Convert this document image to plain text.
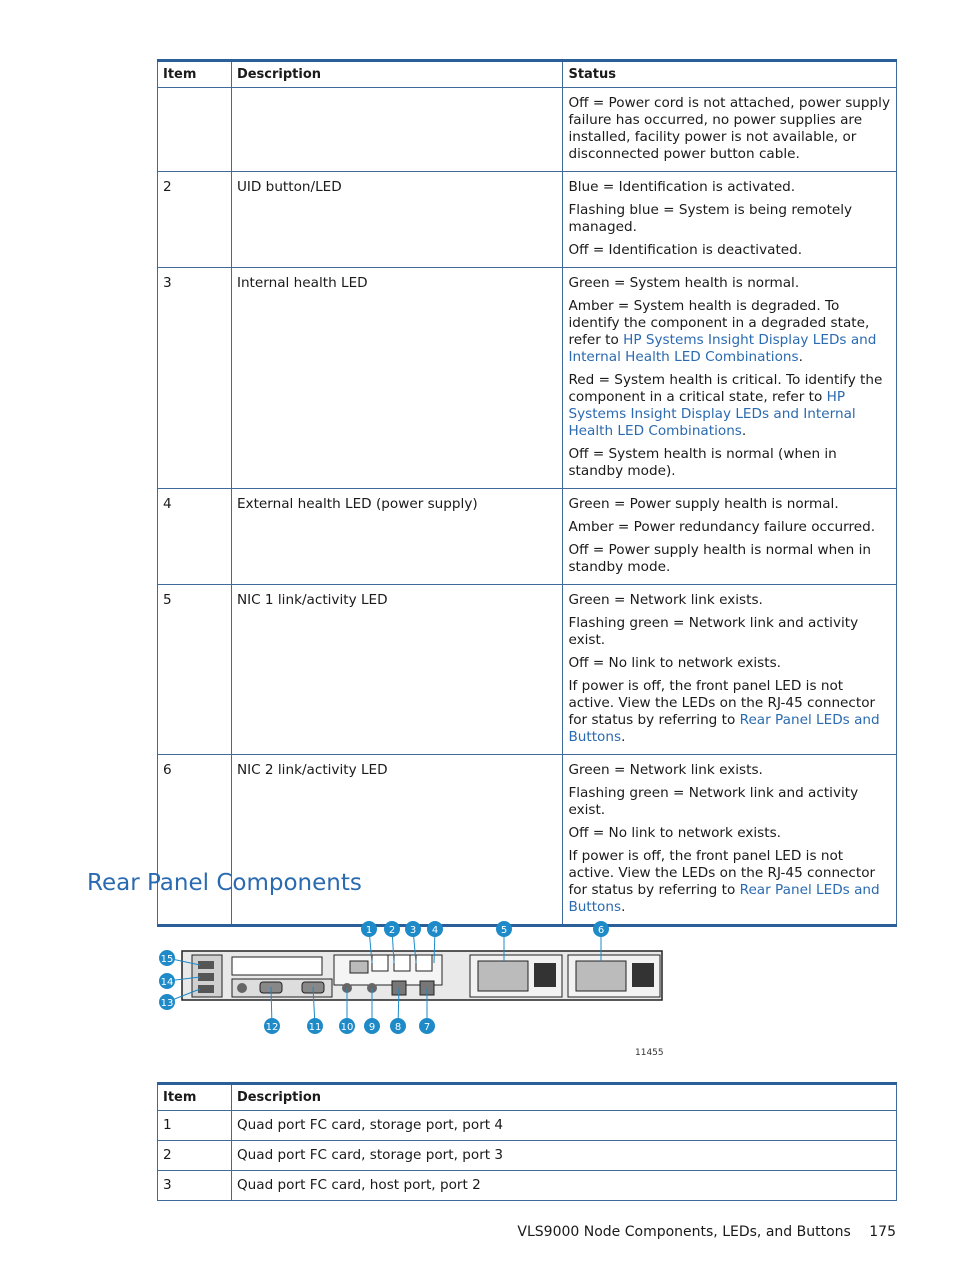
Item	Description	Status

		Off = Power cord is not attached, power supply failure has occurred, no power supplies are installed, facility power is not available, or disconnected power button cable.

2	UID button/LED	Blue = Identification is activated.

Flashing blue = System is being remotely managed.

Off = Identification is deactivated.

3	Internal health LED	Green = System health is normal.

Amber = System health is degraded. To identify the component in a degraded state, refer to HP Systems Insight Display LEDs and Internal Health LED Combinations.

Red = System health is critical. To identify the component in a critical state, refer to HP Systems Insight Display LEDs and Internal Health LED Combinations.

Off = System health is normal (when in standby mode).

4	External health LED (power supply)	Green = Power supply health is normal.

Amber = Power redundancy failure occurred.

Off = Power supply health is normal when in standby mode.

5	NIC 1 link/activity LED	Green = Network link exists.

Flashing green = Network link and activity exist.

Off = No link to network exists.

If power is off, the front panel LED is not active. View the LEDs on the RJ-45 connector for status by referring to Rear Panel LEDs and Buttons.

6	NIC 2 link/activity LED	Green = Network link exists.

Flashing green = Network link and activity exist.

Off = No link to network exists.

If power is off, the front panel LED is not active. View the LEDs on the RJ-45 connector for status by referring to Rear Panel LEDs and Buttons.

Rear Panel Components
1 2 3 4	5	6
15
14
13
12	11 10 9 8 7
11455
Item	Description
1	Quad port FC card, storage port, port 4
2	Quad port FC card, storage port, port 3
3	Quad port FC card, host port, port 2
VLS9000 Node Components, LEDs, and Buttons 175
